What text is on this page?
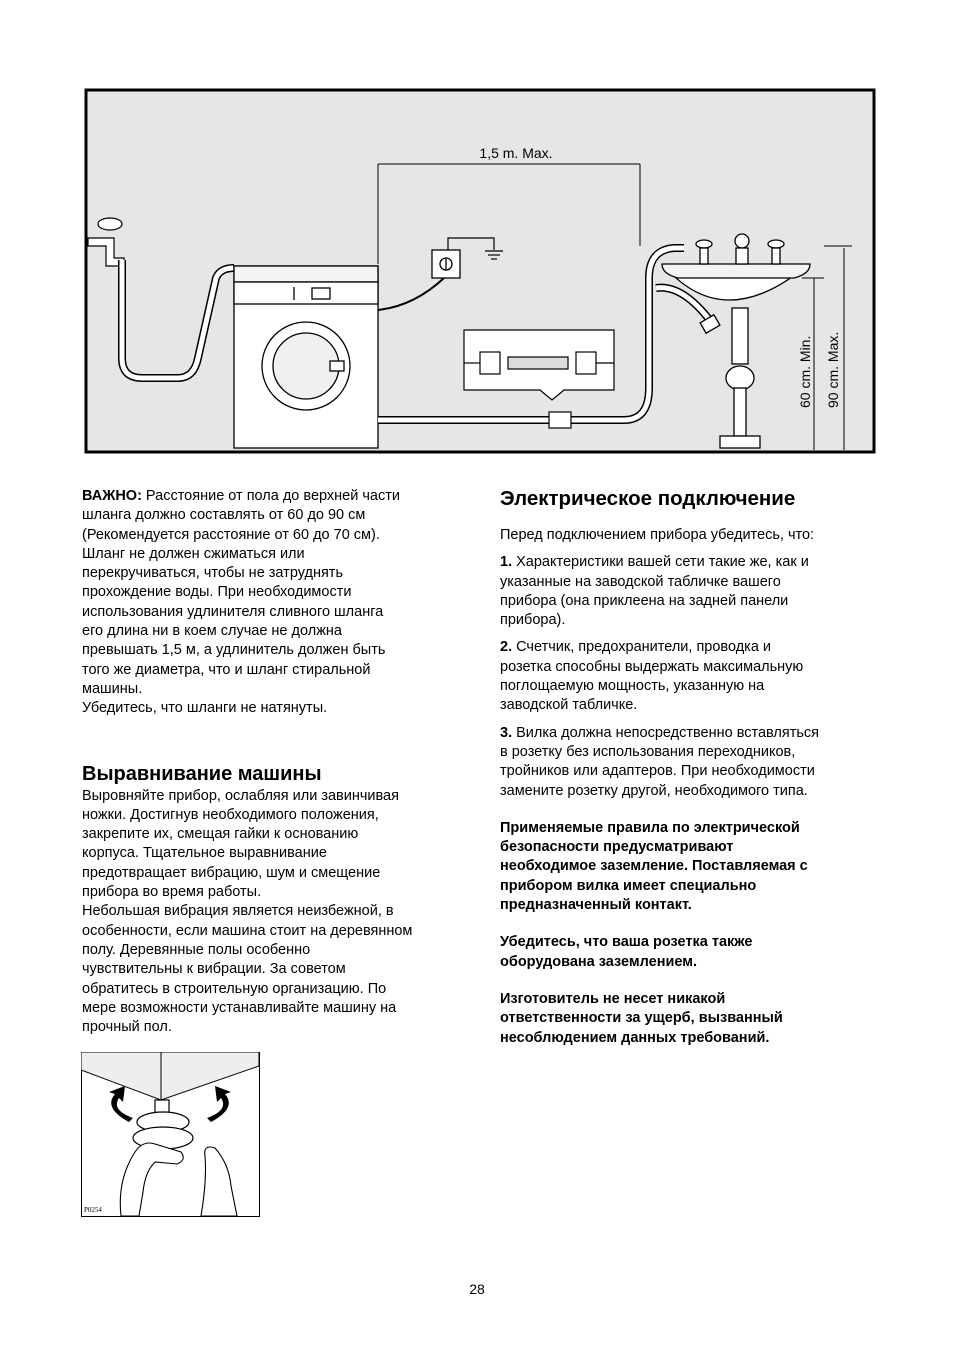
1,5 m. Max.
60 cm. Min. 90 cm. Max.

ВАЖНО: Расстояние от пола до верхней части
шланга должно составлять от 60 до 90 см
(Рекомендуется расстояние от 60 до 70 см).
Шланг не должен сжиматься или
перекручиваться, чтобы не затруднять
прохождение воды. При необходимости
использования удлинителя сливного шланга
его длина ни в коем случае не должна
превышать 1,5 м, а удлинитель должен быть
того же диаметра, что и шланг стиральной
машины.
Убедитесь, что шланги не натянуты.

Выравнивание машины

Выровняйте прибор, ослабляя или завинчивая
ножки. Достигнув необходимого положения,
закрепите их, смещая гайки к основанию
корпуса. Тщательное выравнивание
предотвращает вибрацию, шум и смещение
прибора во время работы.
Небольшая вибрация является неизбежной, в
особенности, если машина стоит на деревянном
полу. Деревянные полы особенно
чувствительны к вибрации. За советом
обратитесь в строительную организацию. По
мере возможности устанавливайте машину на
прочный пол.

P0254
Электрическое подключение

Перед подключением прибора убедитесь, что:

1. Характеристики вашей сети такие же, как и
указанные на заводской табличке вашего
прибора (она приклеена на задней панели
прибора).

2. Счетчик, предохранители, проводка и
розетка способны выдержать максимальную
поглощаемую мощность, указанную на
заводской табличке.

3. Вилка должна непосредственно вставляться
в розетку без использования переходников,
тройников или адаптеров. При необходимости
замените розетку другой, необходимого типа.

Применяемые правила по электрической
безопасности предусматривают
необходимое заземление. Поставляемая с
прибором вилка имеет специально
предназначенный контакт.

Убедитесь, что ваша розетка также
оборудована заземлением.

Изготовитель не несет никакой
ответственности за ущерб, вызванный
несоблюдением данных требований.

28
